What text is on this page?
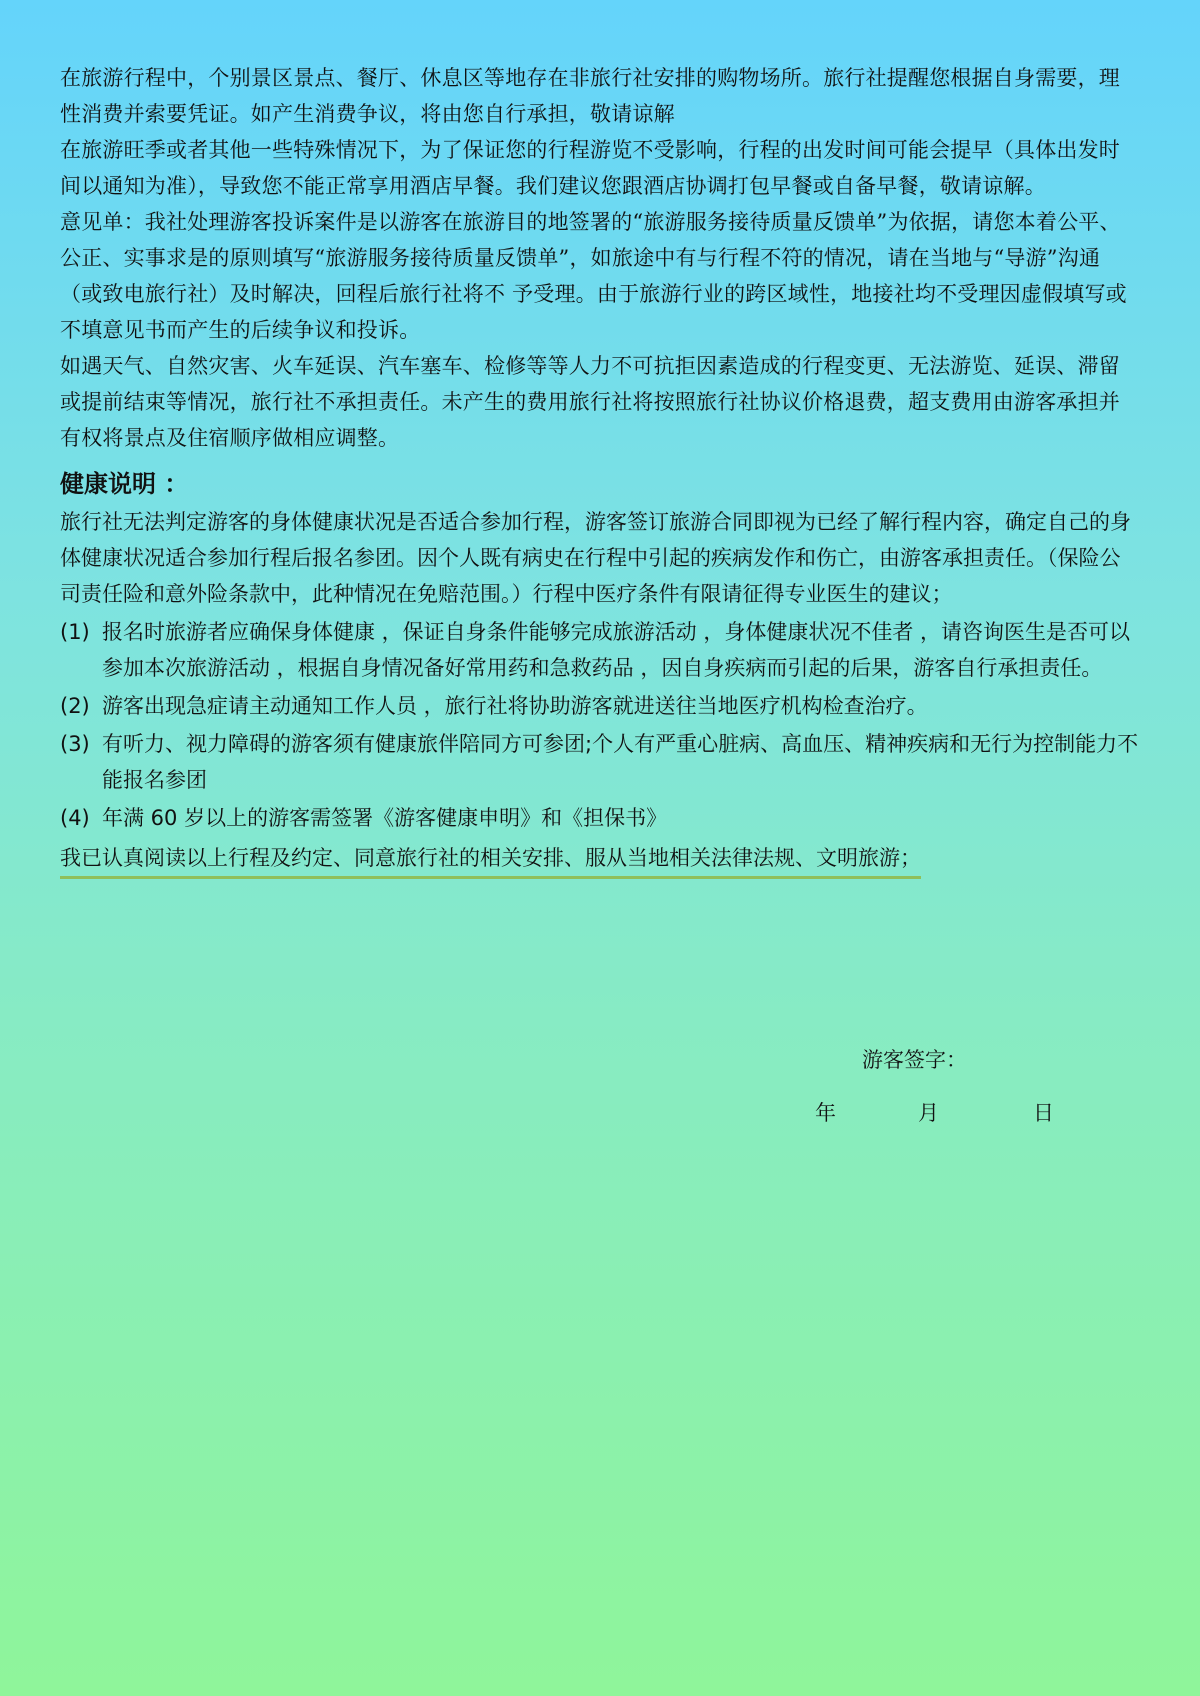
在旅游行程中，个别景区景点、餐厅、休息区等地存在非旅行社安排的购物场所。旅行社提醒您根据自身需要，理性消费并索要凭证。如产生消费争议，将由您自行承担，敬请谅解

在旅游旺季或者其他一些特殊情况下，为了保证您的行程游览不受影响，行程的出发时间可能会提早（具体出发时间以通知为准），导致您不能正常享用酒店早餐。我们建议您跟酒店协调打包早餐或自备早餐，敬请谅解。

意见单：我社处理游客投诉案件是以游客在旅游目的地签署的“旅游服务接待质量反馈单”为依据，请您本着公平、公正、实事求是的原则填写“旅游服务接待质量反馈单”，如旅途中有与行程不符的情况，请在当地与“导游”沟通（或致电旅行社）及时解决，回程后旅行社将不 予受理。由于旅游行业的跨区域性，地接社均不受理因虚假填写或不填意见书而产生的后续争议和投诉。

如遇天气、自然灾害、火车延误、汽车塞车、检修等等人力不可抗拒因素造成的行程变更、无法游览、延误、滞留或提前结束等情况，旅行社不承担责任。未产生的费用旅行社将按照旅行社协议价格退费，超支费用由游客承担并有权将景点及住宿顺序做相应调整。

健康说明 ：

旅行社无法判定游客的身体健康状况是否适合参加行程，游客签订旅游合同即视为已经了解行程内容，确定自己的身体健康状况适合参加行程后报名参团。因个人既有病史在行程中引起的疾病发作和伤亡，由游客承担责任。（保险公司责任险和意外险条款中，此种情况在免赔范围。）行程中医疗条件有限请征得专业医生的建议；

(1) 报名时旅游者应确保身体健康 ，保证自身条件能够完成旅游活动 ，身体健康状况不佳者 ，请咨询医生是否可以参加本次旅游活动 ，根据自身情况备好常用药和急救药品 ，因自身疾病而引起的后果，游客自行承担责任。
(2) 游客出现急症请主动通知工作人员 ，旅行社将协助游客就进送往当地医疗机构检查治疗。
(3) 有听力、视力障碍的游客须有健康旅伴陪同方可参团;个人有严重心脏病、高血压、精神疾病和无行为控制能力不能报名参团
(4) 年满 60 岁以上的游客需签署《游客健康申明》和《担保书》
我已认真阅读以上行程及约定、同意旅行社的相关安排、服从当地相关法律法规、文明旅游；
游客签字：
年	月	日
